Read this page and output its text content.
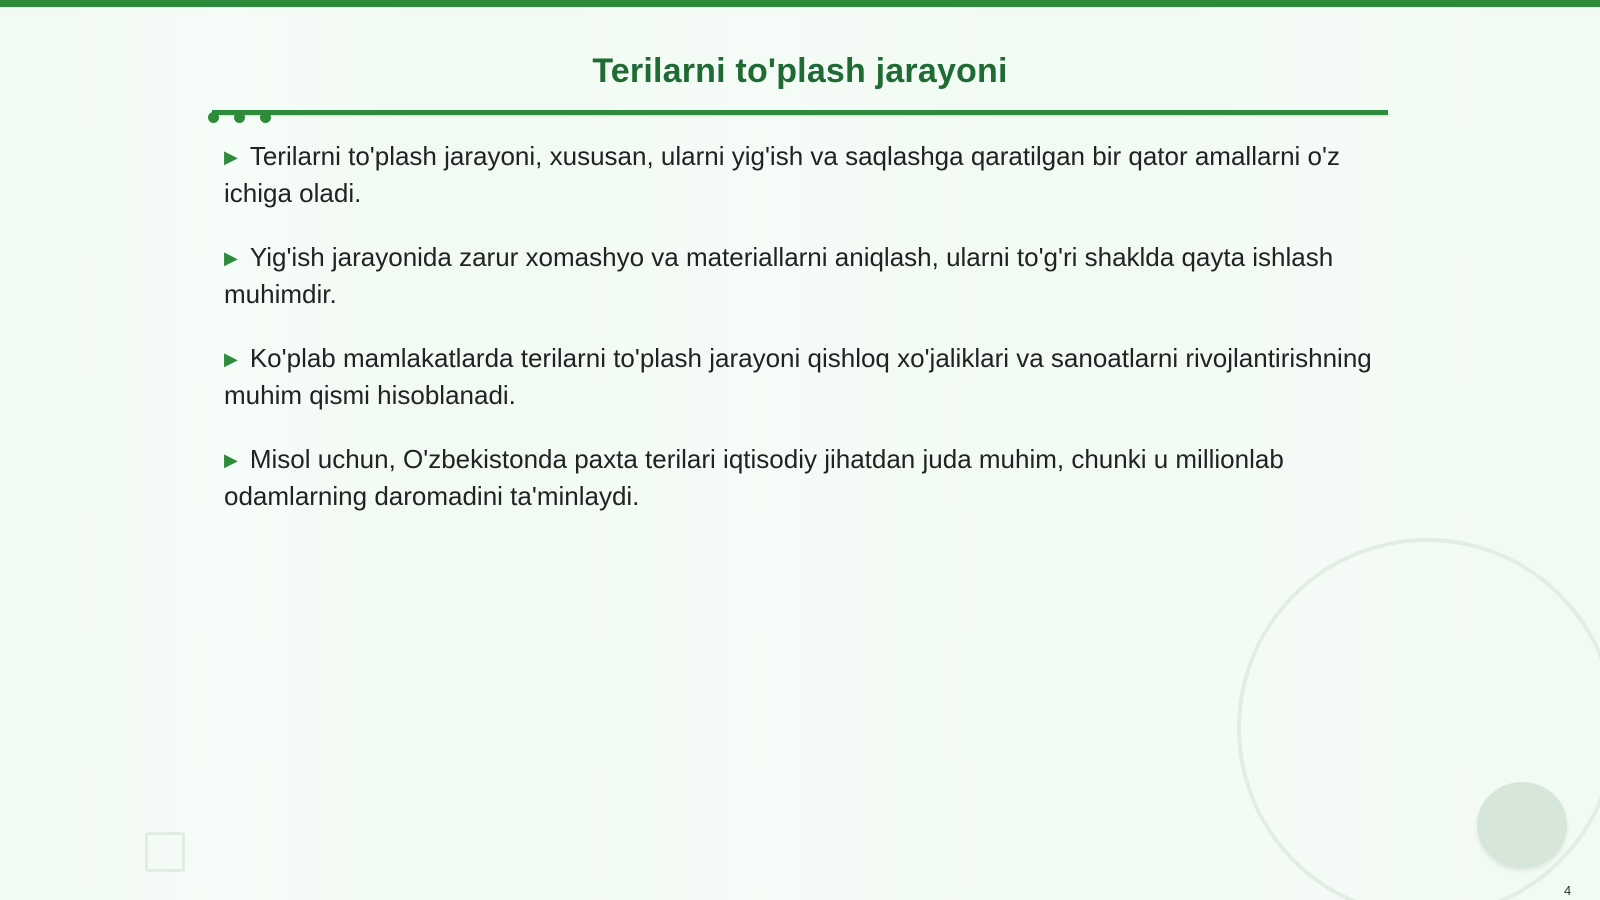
Terilarni to'plash jarayoni

▶ Terilarni to'plash jarayoni, xususan, ularni yig'ish va saqlashga qaratilgan bir qator amallarni o'z ichiga oladi.

▶ Yig'ish jarayonida zarur xomashyo va materiallarni aniqlash, ularni to'g'ri shaklda qayta ishlash muhimdir.

▶ Ko'plab mamlakatlarda terilarni to'plash jarayoni qishloq xo'jaliklari va sanoatlarni rivojlantirishning muhim qismi hisoblanadi.

▶ Misol uchun, O'zbekistonda paxta terilari iqtisodiy jihatdan juda muhim, chunki u millionlab odamlarning daromadini ta'minlaydi.

4
